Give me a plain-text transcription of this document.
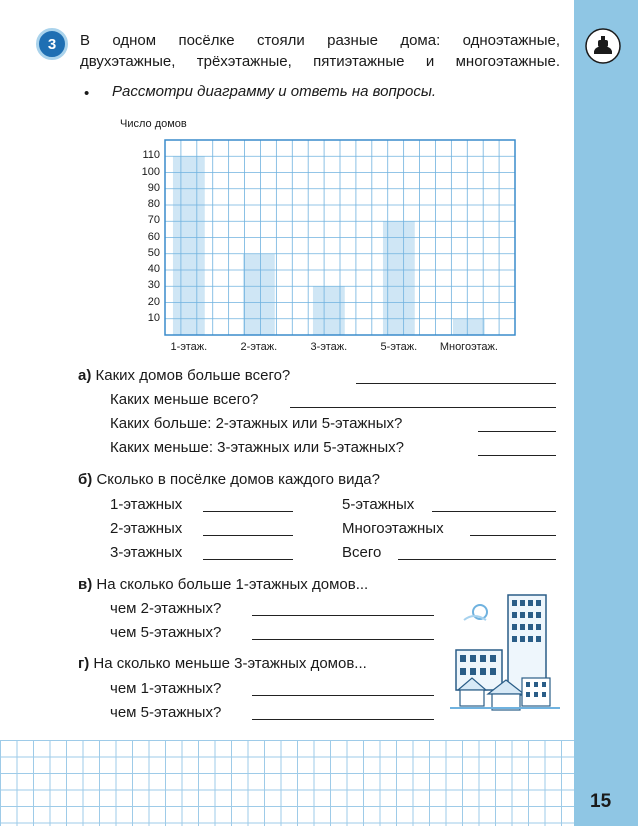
15
3	В одном посёлке стояли разные дома: одноэтажные,
двухэтажные, трёхэтажные, пятиэтажные и многоэтажные.
• Рассмотри диаграмму и ответь на вопросы.
Число домов
10
20
30
40
50
60
70
80
90
100
110
1-этаж.	2-этаж.	3-этаж.	5-этаж.	Многоэтаж.
а) Каких домов больше всего?
Каких меньше всего?
Каких больше: 2-этажных или 5-этажных?
Каких меньше: 3-этажных или 5-этажных?
б) Сколько в посёлке домов каждого вида?
1-этажных
2-этажных
3-этажных
5-этажных
Многоэтажных
Всего
в) На сколько больше 1-этажных домов...
чем 2-этажных?
чем 5-этажных?
г) На сколько меньше 3-этажных домов...
чем 1-этажных?
чем 5-этажных?
